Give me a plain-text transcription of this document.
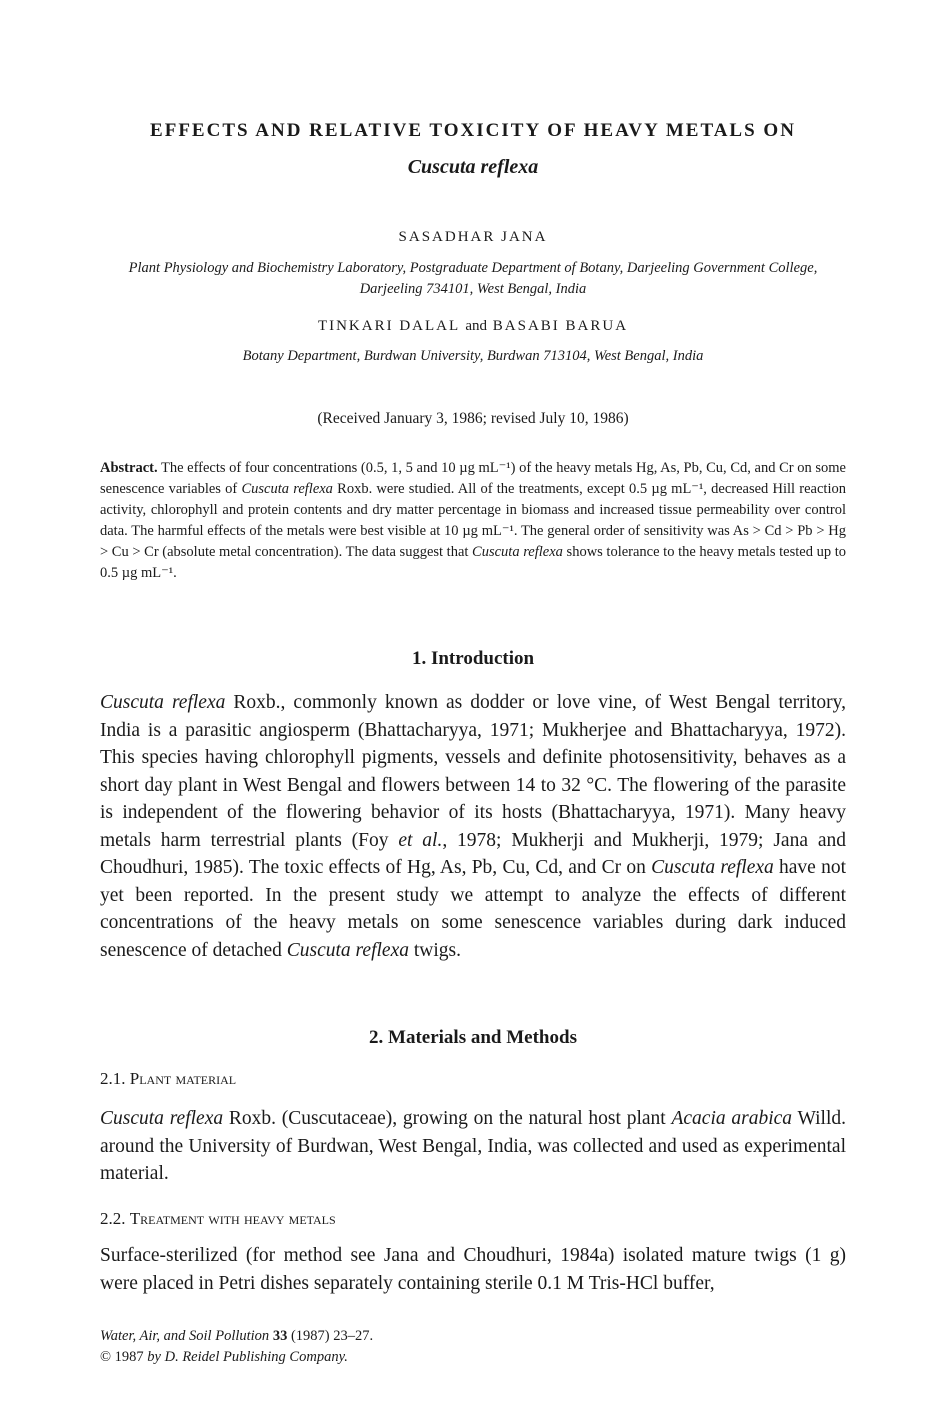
EFFECTS AND RELATIVE TOXICITY OF HEAVY METALS ON
Cuscuta reflexa
SASADHAR JANA
Plant Physiology and Biochemistry Laboratory, Postgraduate Department of Botany, Darjeeling Government College, Darjeeling 734101, West Bengal, India
TINKARI DALAL and BASABI BARUA
Botany Department, Burdwan University, Burdwan 713104, West Bengal, India
(Received January 3, 1986; revised July 10, 1986)

Abstract. The effects of four concentrations (0.5, 1, 5 and 10 µg mL⁻¹) of the heavy metals Hg, As, Pb, Cu, Cd, and Cr on some senescence variables of Cuscuta reflexa Roxb. were studied. All of the treatments, except 0.5 µg mL⁻¹, decreased Hill reaction activity, chlorophyll and protein contents and dry matter percentage in biomass and increased tissue permeability over control data. The harmful effects of the metals were best visible at 10 µg mL⁻¹. The general order of sensitivity was As > Cd > Pb > Hg > Cu > Cr (absolute metal concentration). The data suggest that Cuscuta reflexa shows tolerance to the heavy metals tested up to 0.5 µg mL⁻¹.

1. Introduction

Cuscuta reflexa Roxb., commonly known as dodder or love vine, of West Bengal territory, India is a parasitic angiosperm (Bhattacharyya, 1971; Mukherjee and Bhattacharyya, 1972). This species having chlorophyll pigments, vessels and definite photosensitivity, behaves as a short day plant in West Bengal and flowers between 14 to 32 °C. The flowering of the parasite is independent of the flowering behavior of its hosts (Bhattacharyya, 1971). Many heavy metals harm terrestrial plants (Foy et al., 1978; Mukherji and Mukherji, 1979; Jana and Choudhuri, 1985). The toxic effects of Hg, As, Pb, Cu, Cd, and Cr on Cuscuta reflexa have not yet been reported. In the present study we attempt to analyze the effects of different concentrations of the heavy metals on some senescence variables during dark induced senescence of detached Cuscuta reflexa twigs.

2. Materials and Methods

2.1. Plant material

Cuscuta reflexa Roxb. (Cuscutaceae), growing on the natural host plant Acacia arabica Willd. around the University of Burdwan, West Bengal, India, was collected and used as experimental material.

2.2. Treatment with heavy metals

Surface-sterilized (for method see Jana and Choudhuri, 1984a) isolated mature twigs (1 g) were placed in Petri dishes separately containing sterile 0.1 M Tris-HCl buffer,

Water, Air, and Soil Pollution 33 (1987) 23–27.
© 1987 by D. Reidel Publishing Company.
